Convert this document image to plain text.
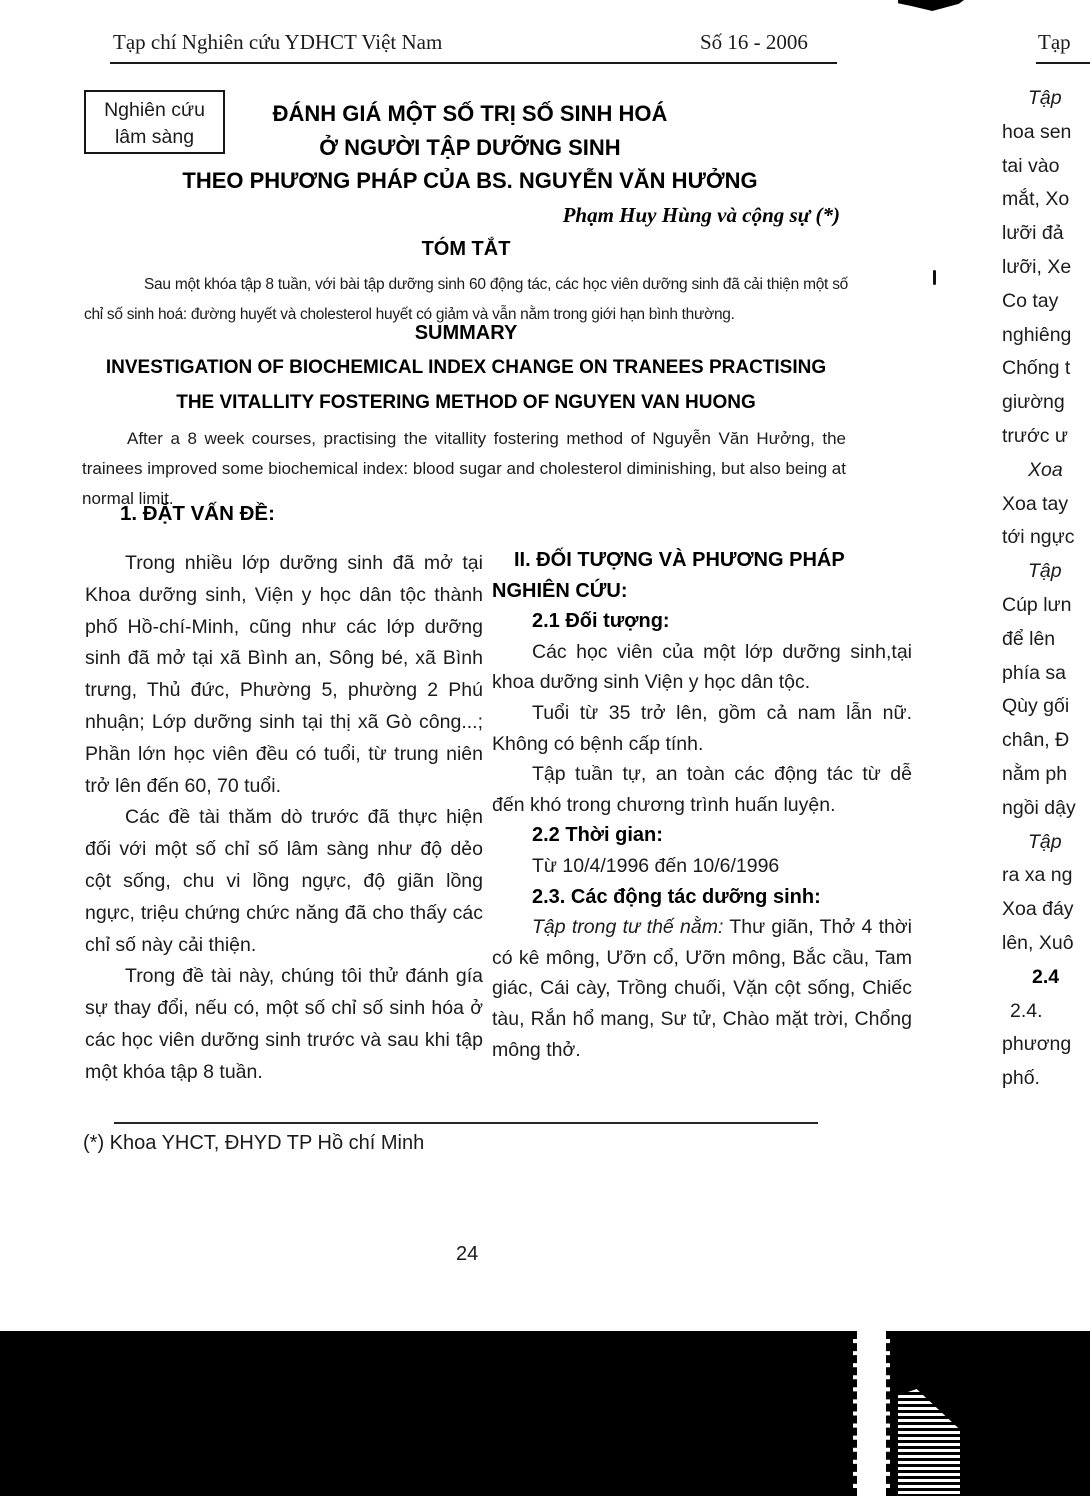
Tạp chí Nghiên cứu YDHCT Việt Nam	Số 16 - 2006	Tạp
Nghiên cứu
lâm sàng
ĐÁNH GIÁ MỘT SỐ TRỊ SỐ SINH HOÁ
Ở NGƯỜI TẬP DƯỠNG SINH
THEO PHƯƠNG PHÁP CỦA BS. NGUYỄN VĂN HƯỞNG
Phạm Huy Hùng và cộng sự (*)
TÓM TẮT
Sau một khóa tập 8 tuần, với bài tập dưỡng sinh 60 động tác, các học viên dưỡng sinh đã cải thiện một số chỉ số sinh hoá: đường huyết và cholesterol huyết có giảm và vẫn nằm trong giới hạn bình thường.
SUMMARY
INVESTIGATION OF BIOCHEMICAL INDEX CHANGE ON TRANEES PRACTISING
THE VITALLITY FOSTERING METHOD OF NGUYEN VAN HUONG
After a 8 week courses, practising the vitallity fostering method of Nguyễn Văn Hưởng, the trainees improved some biochemical index: blood sugar and cholesterol diminishing, but also being at normal limit.
1. ĐẶT VẤN ĐỀ:

Trong nhiều lớp dưỡng sinh đã mở tại Khoa dưỡng sinh, Viện y học dân tộc thành phố Hồ-chí-Minh, cũng như các lớp dưỡng sinh đã mở tại xã Bình an, Sông bé, xã Bình trưng, Thủ đức, Phường 5, phường 2 Phú nhuận; Lớp dưỡng sinh tại thị xã Gò công...; Phần lớn học viên đều có tuổi, từ trung niên trở lên đến 60, 70 tuổi.

Các đề tài thăm dò trước đã thực hiện đối với một số chỉ số lâm sàng như độ dẻo cột sống, chu vi lồng ngực, độ giãn lồng ngực, triệu chứng chức năng đã cho thấy các chỉ số này cải thiện.

Trong đề tài này, chúng tôi thử đánh gía sự thay đổi, nếu có, một số chỉ số sinh hóa ở các học viên dưỡng sinh trước và sau khi tập một khóa tập 8 tuần.

II. ĐỐI TƯỢNG VÀ PHƯƠNG PHÁP
NGHIÊN CỨU:
2.1 Đối tượng:

Các học viên của một lớp dưỡng sinh,tại khoa dưỡng sinh Viện y học dân tộc.

Tuổi từ 35 trở lên, gồm cả nam lẫn nữ. Không có bệnh cấp tính.

Tập tuần tự, an toàn các động tác từ dễ đến khó trong chương trình huấn luyện.

2.2 Thời gian:
Từ 10/4/1996 đến 10/6/1996
2.3. Các động tác dưỡng sinh:

Tập trong tư thế nằm: Thư giãn, Thở 4 thời có kê mông, Ưỡn cổ, Ưỡn mông, Bắc cầu, Tam giác, Cái cày, Trồng chuối, Vặn cột sống, Chiếc tàu, Rắn hổ mang, Sư tử, Chào mặt trời, Chổng mông thở.

(*) Khoa YHCT, ĐHYD TP Hồ chí Minh
24
Tập
hoa sen
tai vào
mắt, Xo
lưỡi đả
lưỡi, Xe
Co tay
nghiêng
Chống t
giường
trước ư
Xoa
Xoa tay
tới ngực
Tập
Cúp lưn
để lên
phía sa
Qùy gối
chân, Đ
nằm ph
ngồi dậy
Tập
ra xa ng
Xoa đáy
lên, Xuô
2.4
2.4.
phương
phố.
